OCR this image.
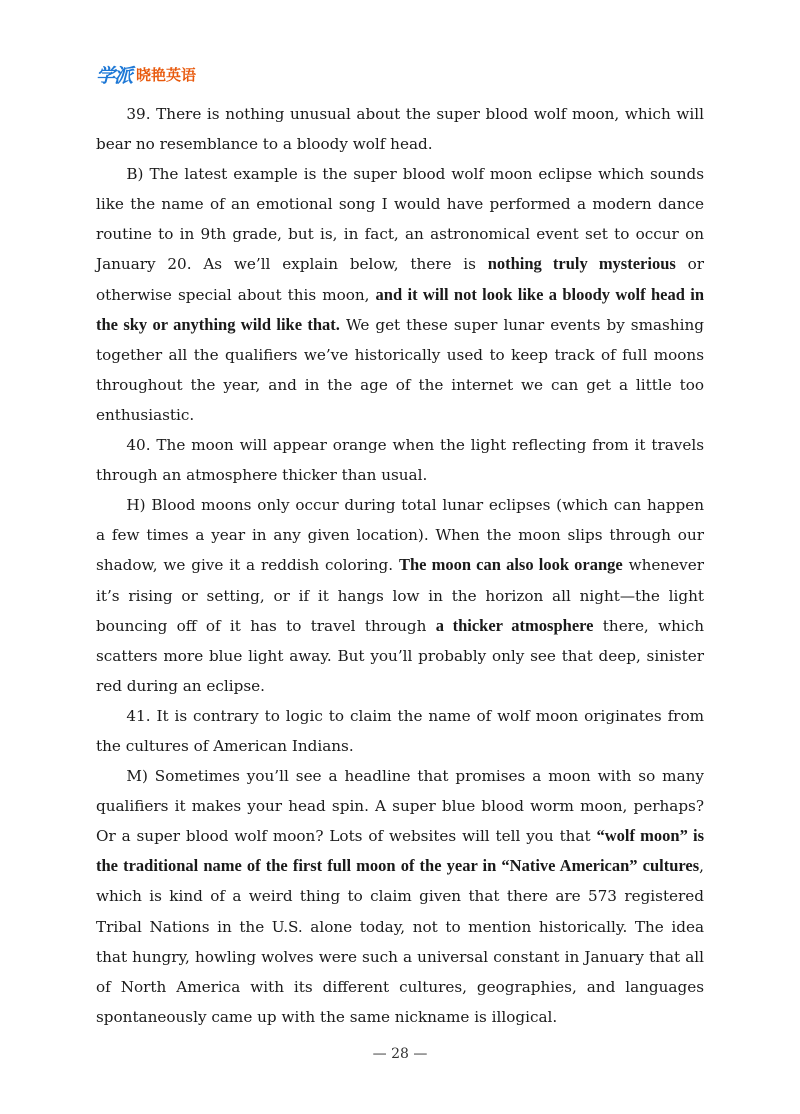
学派 晓艳英语

39. There is nothing unusual about the super blood wolf moon, which will bear no resemblance to a bloody wolf head.

B) The latest example is the super blood wolf moon eclipse which sounds like the name of an emotional song I would have performed a modern dance routine to in 9th grade, but is, in fact, an astronomical event set to occur on January 20. As we’ll explain below, there is nothing truly mysterious or otherwise special about this moon, and it will not look like a bloody wolf head in the sky or anything wild like that. We get these super lunar events by smashing together all the qualifiers we’ve historically used to keep track of full moons throughout the year, and in the age of the internet we can get a little too enthusiastic.

40. The moon will appear orange when the light reflecting from it travels through an atmosphere thicker than usual.

H) Blood moons only occur during total lunar eclipses (which can happen a few times a year in any given location). When the moon slips through our shadow, we give it a reddish coloring. The moon can also look orange whenever it’s rising or setting, or if it hangs low in the horizon all night—the light bouncing off of it has to travel through a thicker atmosphere there, which scatters more blue light away. But you’ll probably only see that deep, sinister red during an eclipse.

41. It is contrary to logic to claim the name of wolf moon originates from the cultures of American Indians.

M) Sometimes you’ll see a headline that promises a moon with so many qualifiers it makes your head spin. A super blue blood worm moon, perhaps? Or a super blood wolf moon? Lots of websites will tell you that “wolf moon” is the traditional name of the first full moon of the year in “Native American” cultures, which is kind of a weird thing to claim given that there are 573 registered Tribal Nations in the U.S. alone today, not to mention historically. The idea that hungry, howling wolves were such a universal constant in January that all of North America with its different cultures, geographies, and languages spontaneously came up with the same nickname is illogical.

— 28 —
